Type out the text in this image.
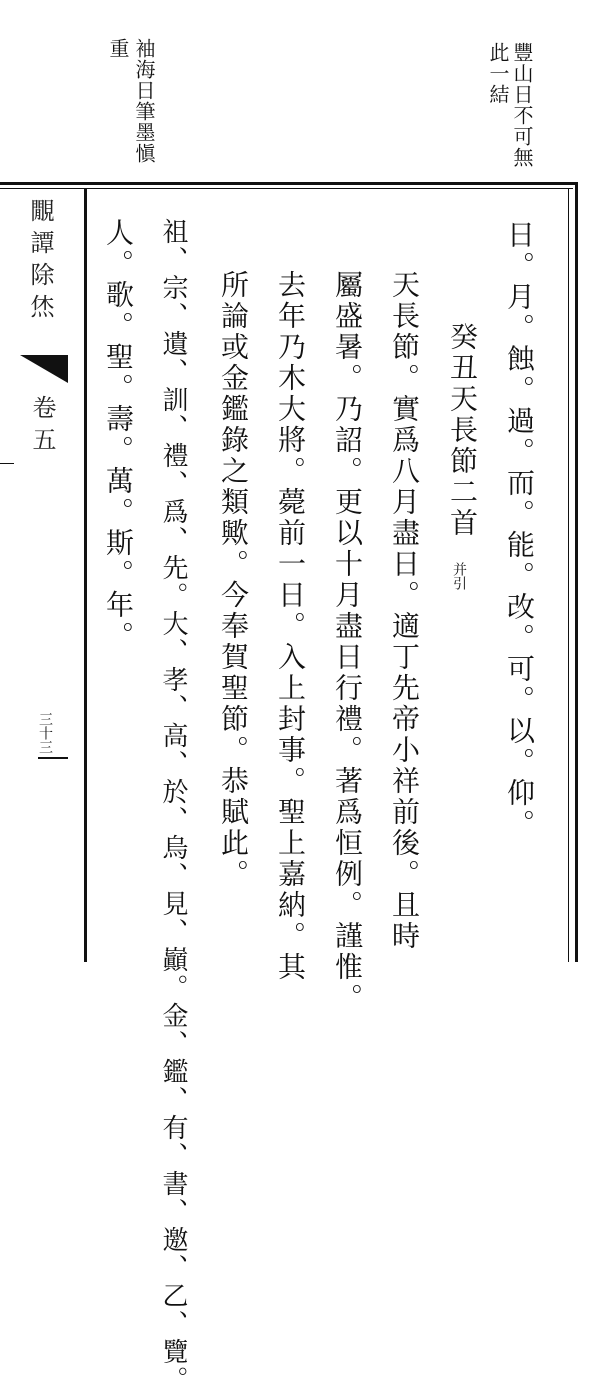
豐山日不可無
此一結
袖海日筆墨愼
重
覵譚除烋
卷五
三十三	日。月。蝕。過。而。能。改。可。以。仰。
癸丑天長節二首
并引
天長節。實爲八月盡日。適丁先帝小祥前後。且時
屬盛暑。乃詔。更以十月盡日行禮。著爲恒例。謹惟。
去年乃木大將。薨前一日。入上封事。聖上嘉納。其
所論或金鑑錄之類歟。今奉賀聖節。恭賦此。
祖、宗、遺、訓、禮、爲、先。大、孝、高、於、烏、見、巓。金、鑑、有、書、邀、乙、覽。
人。歌。聖。壽。萬。斯。年。
